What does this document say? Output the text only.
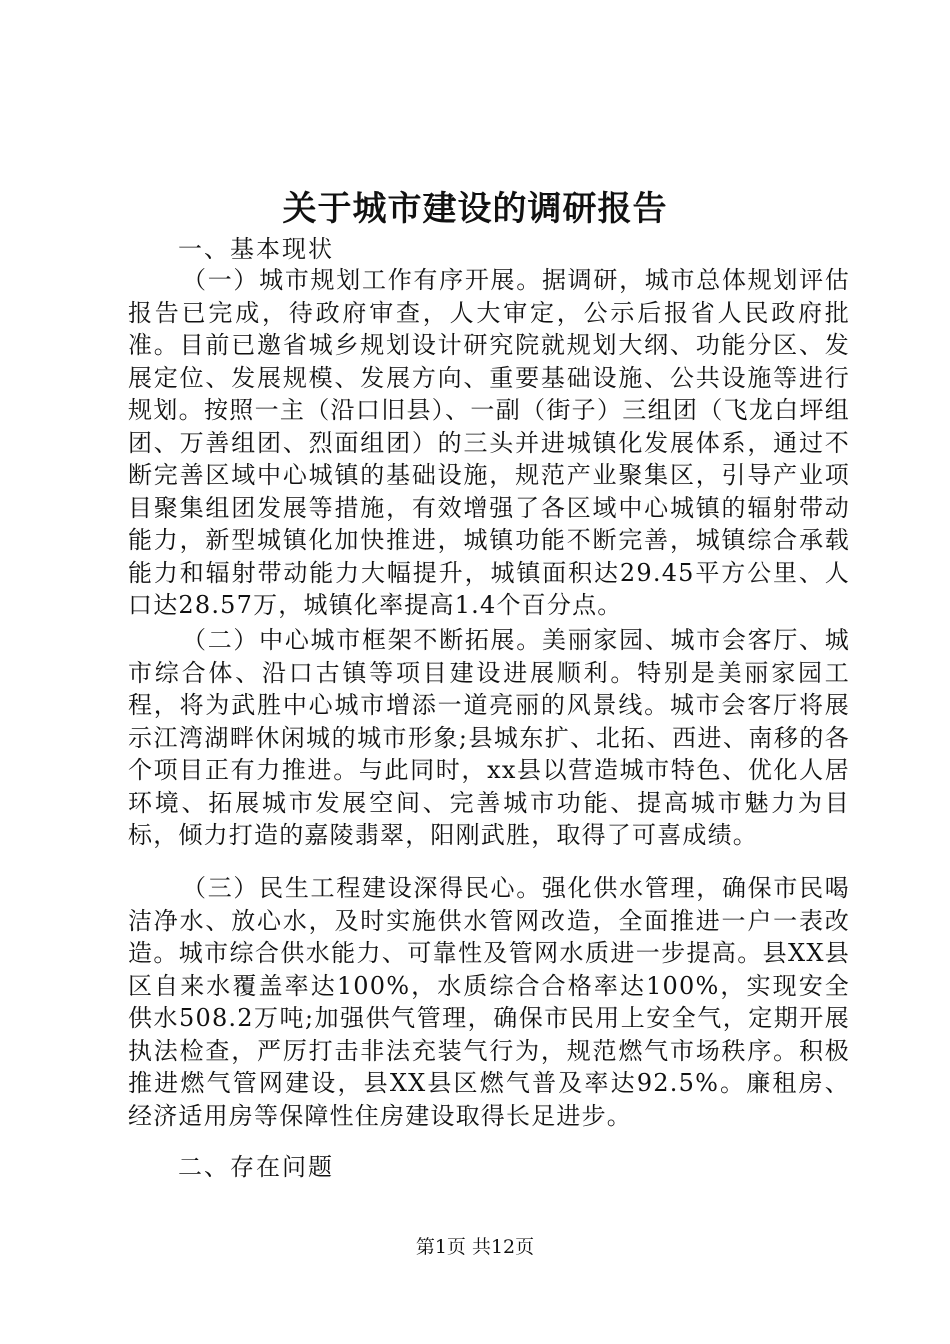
关于城市建设的调研报告
一、基本现状
（一）城市规划工作有序开展。据调研，城市总体规划评估报告已完成，待政府审查，人大审定，公示后报省人民政府批准。目前已邀省城乡规划设计研究院就规划大纲、功能分区、发展定位、发展规模、发展方向、重要基础设施、公共设施等进行规划。按照一主（沿口旧县）、一副（街子）三组团（飞龙白坪组团、万善组团、烈面组团）的三头并进城镇化发展体系，通过不断完善区域中心城镇的基础设施，规范产业聚集区，引导产业项目聚集组团发展等措施，有效增强了各区域中心城镇的辐射带动能力，新型城镇化加快推进，城镇功能不断完善，城镇综合承载能力和辐射带动能力大幅提升，城镇面积达29.45平方公里、人口达28.57万，城镇化率提高1.4个百分点。
（二）中心城市框架不断拓展。美丽家园、城市会客厅、城市综合体、沿口古镇等项目建设进展顺利。特别是美丽家园工程，将为武胜中心城市增添一道亮丽的风景线。城市会客厅将展示江湾湖畔休闲城的城市形象;县城东扩、北拓、西进、南移的各个项目正有力推进。与此同时，xx县以营造城市特色、优化人居环境、拓展城市发展空间、完善城市功能、提高城市魅力为目标，倾力打造的嘉陵翡翠，阳刚武胜，取得了可喜成绩。
（三）民生工程建设深得民心。强化供水管理，确保市民喝洁净水、放心水，及时实施供水管网改造，全面推进一户一表改造。城市综合供水能力、可靠性及管网水质进一步提高。县XX县区自来水覆盖率达100%，水质综合合格率达100%，实现安全供水508.2万吨;加强供气管理，确保市民用上安全气，定期开展执法检查，严厉打击非法充装气行为，规范燃气市场秩序。积极推进燃气管网建设，县XX县区燃气普及率达92.5%。廉租房、经济适用房等保障性住房建设取得长足进步。
二、存在问题
第1页 共12页
